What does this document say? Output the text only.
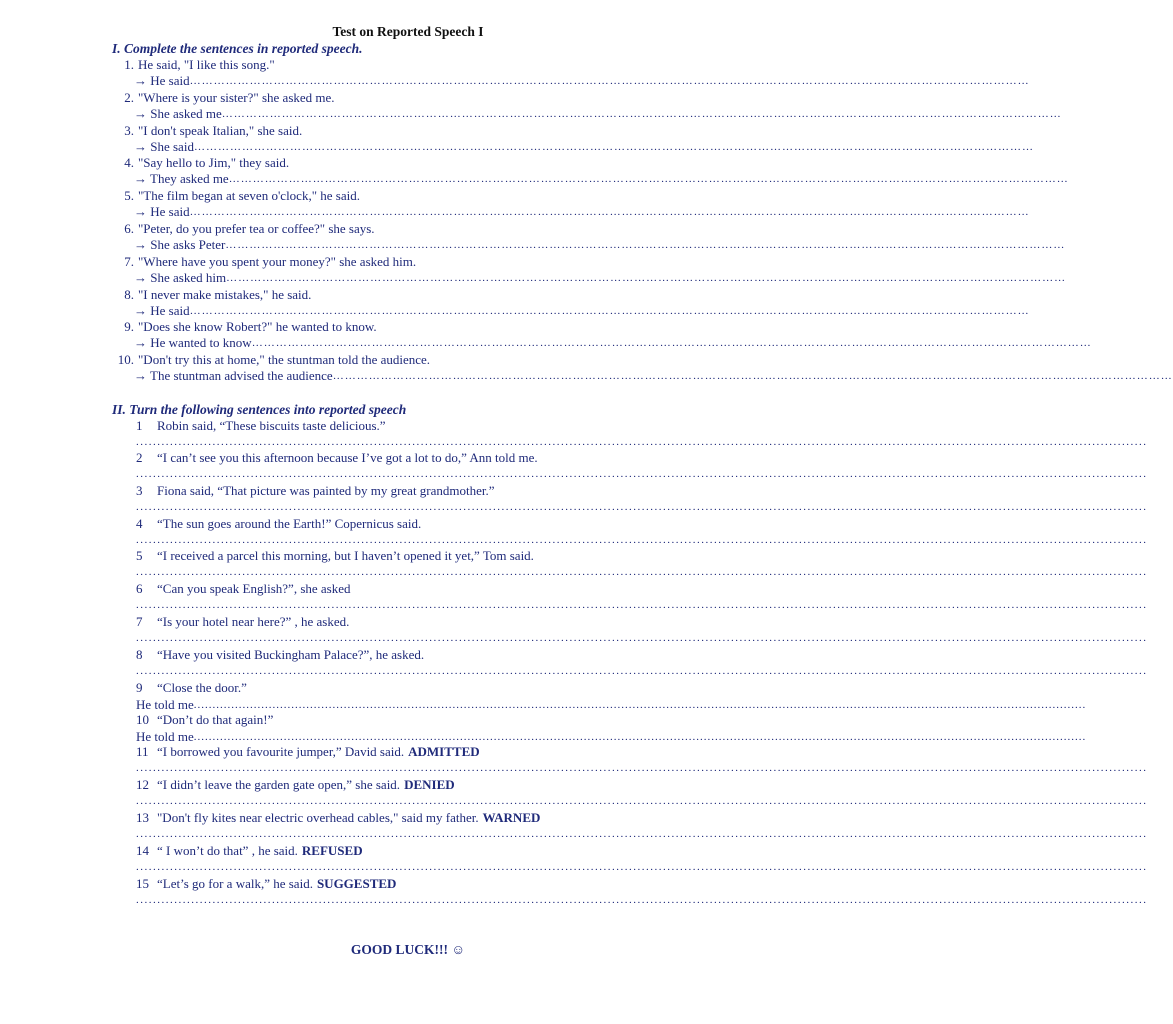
Test on Reported Speech I
I. Complete the sentences in reported speech.
1. He said, "I like this song."
→ He said…………………………………………………………………………………………………………………………………………………………………………………………
2. "Where is your sister?" she asked me.
→ She asked me…………………………………………………………………………………………………………………………………………………………………………………………
3. "I don't speak Italian," she said.
→ She said…………………………………………………………………………………………………………………………………………………………………………………………
4. "Say hello to Jim," they said.
→ They asked me…………………………………………………………………………………………………………………………………………………………………………………………
5. "The film began at seven o'clock," he said.
→ He said…………………………………………………………………………………………………………………………………………………………………………………………
6. "Peter, do you prefer tea or coffee?" she says.
→ She asks Peter…………………………………………………………………………………………………………………………………………………………………………………………
7. "Where have you spent your money?" she asked him.
→ She asked him…………………………………………………………………………………………………………………………………………………………………………………………
8. "I never make mistakes," he said.
→ He said…………………………………………………………………………………………………………………………………………………………………………………………
9. "Does she know Robert?" he wanted to know.
→ He wanted to know…………………………………………………………………………………………………………………………………………………………………………………………
10. "Don't try this at home," the stuntman told the audience.
→ The stuntman advised the audience…………………………………………………………………………………………………………………………………………………………………………………………
II. Turn the following sentences into reported speech
1 Robin said, “These biscuits taste delicious.”
..............................................................................................................................................................................................................................................
2 “I can’t see you this afternoon because I’ve got a lot to do,” Ann told me.
..............................................................................................................................................................................................................................................
3 Fiona said, “That picture was painted by my great grandmother.”
..............................................................................................................................................................................................................................................
4 “The sun goes around the Earth!” Copernicus said.
..............................................................................................................................................................................................................................................
5 “I received a parcel this morning, but I haven’t opened it yet,” Tom said.
..............................................................................................................................................................................................................................................
6 “Can you speak English?”, she asked
..............................................................................................................................................................................................................................................
7 “Is your hotel near here?” , he asked.
..............................................................................................................................................................................................................................................
8 “Have you visited Buckingham Palace?”, he asked.
..............................................................................................................................................................................................................................................
9 “Close the door.”
He told me..............................................................................................................................................................................................................................................
10 “Don’t do that again!”
He told me..............................................................................................................................................................................................................................................
11 “I borrowed you favourite jumper,” David said. ADMITTED
..............................................................................................................................................................................................................................................
12 “I didn’t leave the garden gate open,” she said. DENIED
..............................................................................................................................................................................................................................................
13 "Don't fly kites near electric overhead cables," said my father. WARNED
..............................................................................................................................................................................................................................................
14 “ I won’t do that” , he said. REFUSED
..............................................................................................................................................................................................................................................
15 “Let’s go for a walk,” he said. SUGGESTED
..............................................................................................................................................................................................................................................
GOOD LUCK!!! ☺
